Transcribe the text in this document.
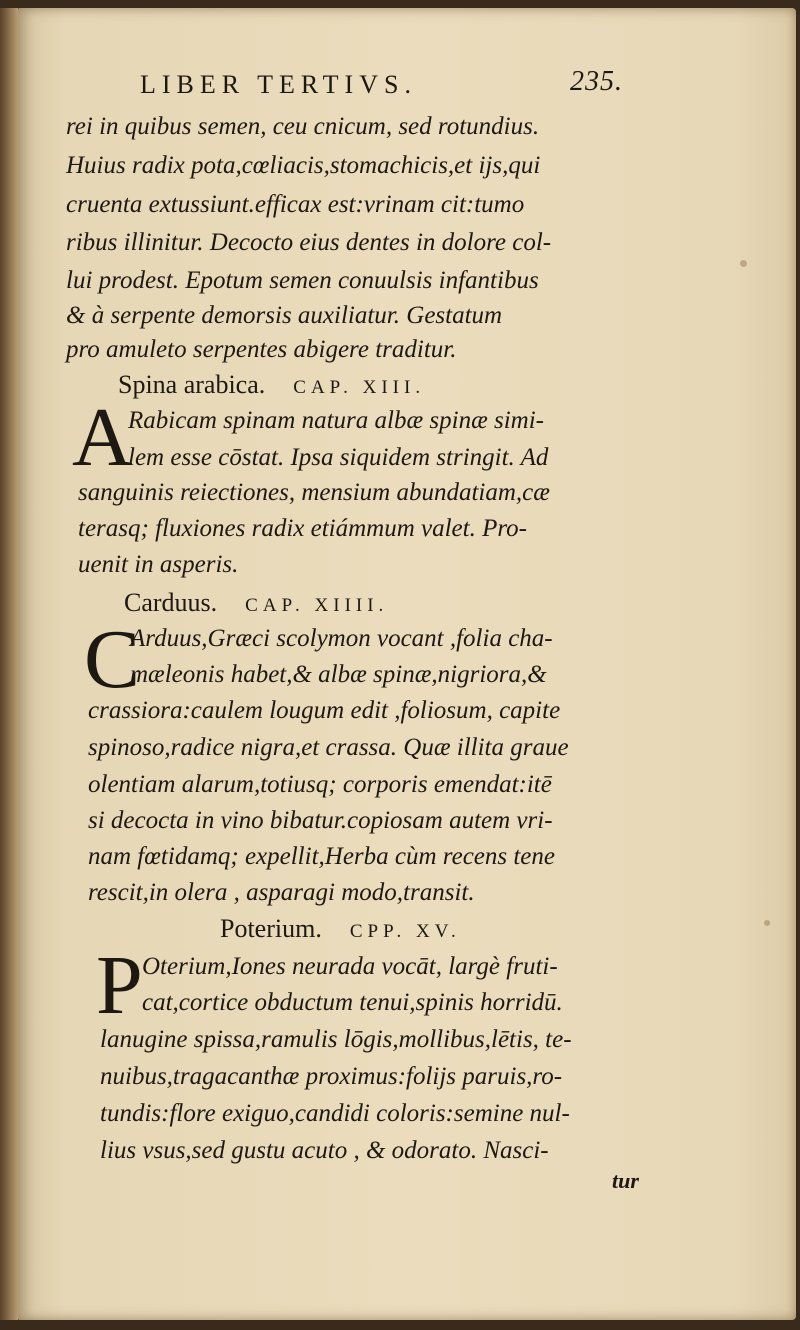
LIBER TERTIVS.	235.
rei in quibus semen, ceu cnicum, sed rotundius.
Huius radix pota,cœliacis,stomachicis,et ijs,qui
cruenta extussiunt.efficax est:vrinam cit:tumo
ribus illinitur. Decocto eius dentes in dolore col-
lui prodest. Epotum semen conuulsis infantibus
& à serpente demorsis auxiliatur. Gestatum
pro amuleto serpentes abigere traditur.
Spina arabica. CAP. XIII.
A
Rabicam spinam natura albæ spinæ simi-
lem esse cōstat. Ipsa siquidem stringit. Ad
sanguinis reiectiones, mensium abundatiam,cæ
terasq; fluxiones radix etiámmum valet. Pro-
uenit in asperis.
Carduus. CAP. XIIII.
C
Arduus,Græci scolymon vocant ,folia cha-
mæleonis habet,& albæ spinæ,nigriora,&
crassiora:caulem lougum edit ,foliosum, capite
spinoso,radice nigra,et crassa. Quæ illita graue
olentiam alarum,totiusq; corporis emendat:itē
si decocta in vino bibatur.copiosam autem vri-
nam fœtidamq; expellit,Herba cùm recens tene
rescit,in olera , asparagi modo,transit.
Poterium. CPP. XV.
P Oterium,Iones neurada vocāt, largè fruti-
cat,cortice obductum tenui,spinis horridū.
lanugine spissa,ramulis lōgis,mollibus,lētis, te-
nuibus,tragacanthæ proximus:folijs paruis,ro-
tundis:flore exiguo,candidi coloris:semine nul-
lius vsus,sed gustu acuto , & odorato. Nasci-
tur
